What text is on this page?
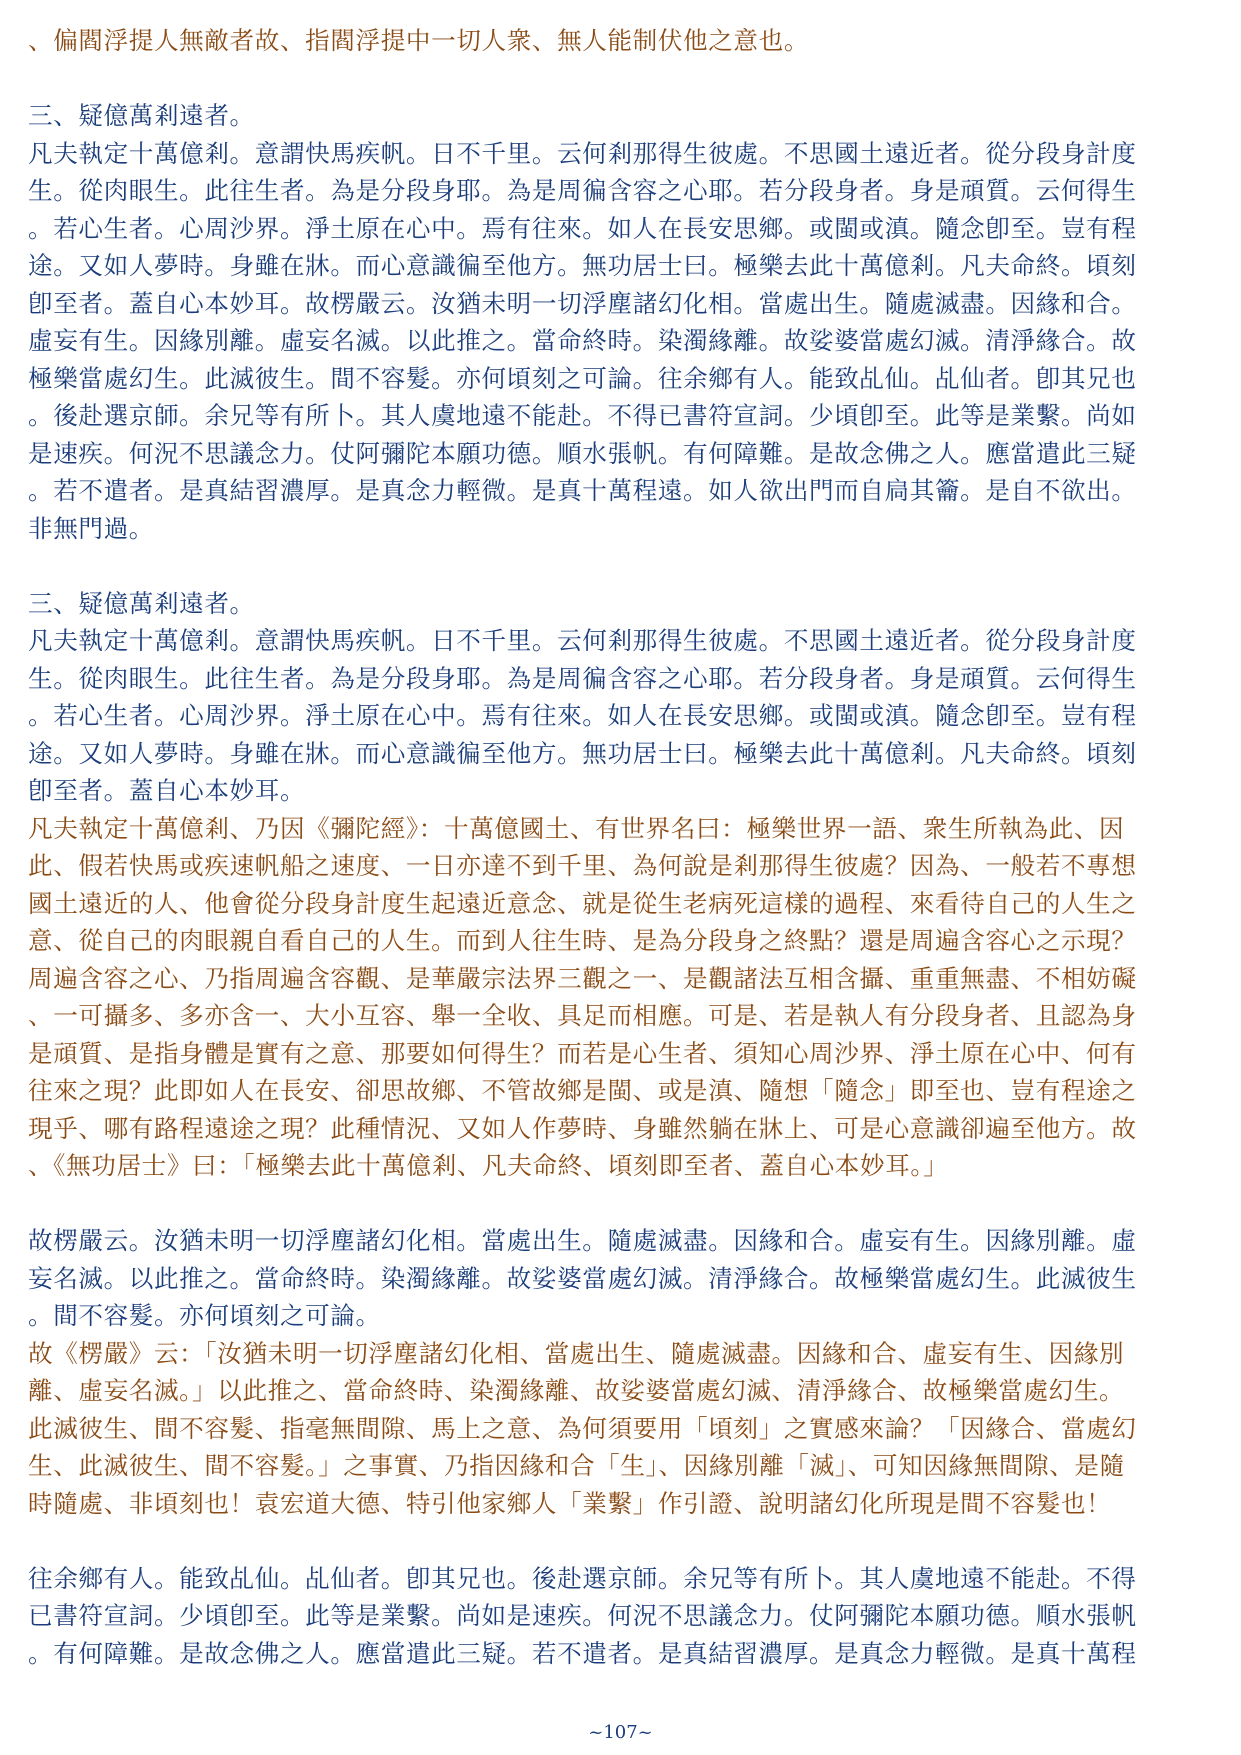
、偏閻浮提人無敵者故、指閻浮提中一切人衆、無人能制伏他之意也。
三、疑億萬剎遠者。
凡夫執定十萬億剎。意謂快馬疾帆。日不千里。云何剎那得生彼處。不思國土遠近者。從分段身計度
生。從肉眼生。此往生者。為是分段身耶。為是周徧含容之心耶。若分段身者。身是頑質。云何得生
。若心生者。心周沙界。淨土原在心中。焉有往來。如人在長安思鄉。或閩或滇。隨念卽至。豈有程
途。又如人夢時。身雖在牀。而心意識徧至他方。無功居士曰。極樂去此十萬億剎。凡夫命終。頃刻
卽至者。蓋自心本妙耳。故楞嚴云。汝猶未明一切浮塵諸幻化相。當處出生。隨處滅盡。因緣和合。
虛妄有生。因緣別離。虛妄名滅。以此推之。當命終時。染濁緣離。故娑婆當處幻滅。清淨緣合。故
極樂當處幻生。此滅彼生。間不容髮。亦何頃刻之可論。往余鄉有人。能致乩仙。乩仙者。卽其兄也
。後赴選京師。余兄等有所卜。其人虞地遠不能赴。不得已書符宣詞。少頃卽至。此等是業繫。尚如
是速疾。何況不思議念力。仗阿彌陀本願功德。順水張帆。有何障難。是故念佛之人。應當遣此三疑
。若不遣者。是真結習濃厚。是真念力輕微。是真十萬程遠。如人欲出門而自扃其籥。是自不欲出。
非無門過。
三、疑億萬剎遠者。
凡夫執定十萬億剎。意謂快馬疾帆。日不千里。云何剎那得生彼處。不思國土遠近者。從分段身計度
生。從肉眼生。此往生者。為是分段身耶。為是周徧含容之心耶。若分段身者。身是頑質。云何得生
。若心生者。心周沙界。淨土原在心中。焉有往來。如人在長安思鄉。或閩或滇。隨念卽至。豈有程
途。又如人夢時。身雖在牀。而心意識徧至他方。無功居士曰。極樂去此十萬億剎。凡夫命終。頃刻
卽至者。蓋自心本妙耳。
凡夫執定十萬億剎、乃因《彌陀經》：十萬億國土、有世界名曰：極樂世界一語、衆生所執為此、因
此、假若快馬或疾速帆船之速度、一日亦達不到千里、為何說是剎那得生彼處？因為、一般若不專想
國土遠近的人、他會從分段身計度生起遠近意念、就是從生老病死這樣的過程、來看待自己的人生之
意、從自己的肉眼親自看自己的人生。而到人往生時、是為分段身之終點？還是周遍含容心之示現？
周遍含容之心、乃指周遍含容觀、是華嚴宗法界三觀之一、是觀諸法互相含攝、重重無盡、不相妨礙
、一可攝多、多亦含一、大小互容、舉一全收、具足而相應。可是、若是執人有分段身者、且認為身
是頑質、是指身體是實有之意、那要如何得生？而若是心生者、須知心周沙界、淨土原在心中、何有
往來之現？此即如人在長安、卻思故鄉、不管故鄉是閩、或是滇、隨想「隨念」即至也、豈有程途之
現乎、哪有路程遠途之現？此種情況、又如人作夢時、身雖然躺在牀上、可是心意識卻遍至他方。故
、《無功居士》曰：「極樂去此十萬億剎、凡夫命終、頃刻即至者、蓋自心本妙耳。」
故楞嚴云。汝猶未明一切浮塵諸幻化相。當處出生。隨處滅盡。因緣和合。虛妄有生。因緣別離。虛
妄名滅。以此推之。當命終時。染濁緣離。故娑婆當處幻滅。清淨緣合。故極樂當處幻生。此滅彼生
。間不容髮。亦何頃刻之可論。
故《楞嚴》云：「汝猶未明一切浮塵諸幻化相、當處出生、隨處滅盡。因緣和合、虛妄有生、因緣別
離、虛妄名滅。」以此推之、當命終時、染濁緣離、故娑婆當處幻滅、清淨緣合、故極樂當處幻生。
此滅彼生、間不容髮、指毫無間隙、馬上之意、為何須要用「頃刻」之實感來論？「因緣合、當處幻
生、此滅彼生、間不容髮。」之事實、乃指因緣和合「生」、因緣別離「滅」、可知因緣無間隙、是隨
時隨處、非頃刻也！袁宏道大德、特引他家鄉人「業繫」作引證、說明諸幻化所現是間不容髮也！
往余鄉有人。能致乩仙。乩仙者。卽其兄也。後赴選京師。余兄等有所卜。其人虞地遠不能赴。不得
已書符宣詞。少頃卽至。此等是業繫。尚如是速疾。何況不思議念力。仗阿彌陀本願功德。順水張帆
。有何障難。是故念佛之人。應當遣此三疑。若不遣者。是真結習濃厚。是真念力輕微。是真十萬程
~107~
